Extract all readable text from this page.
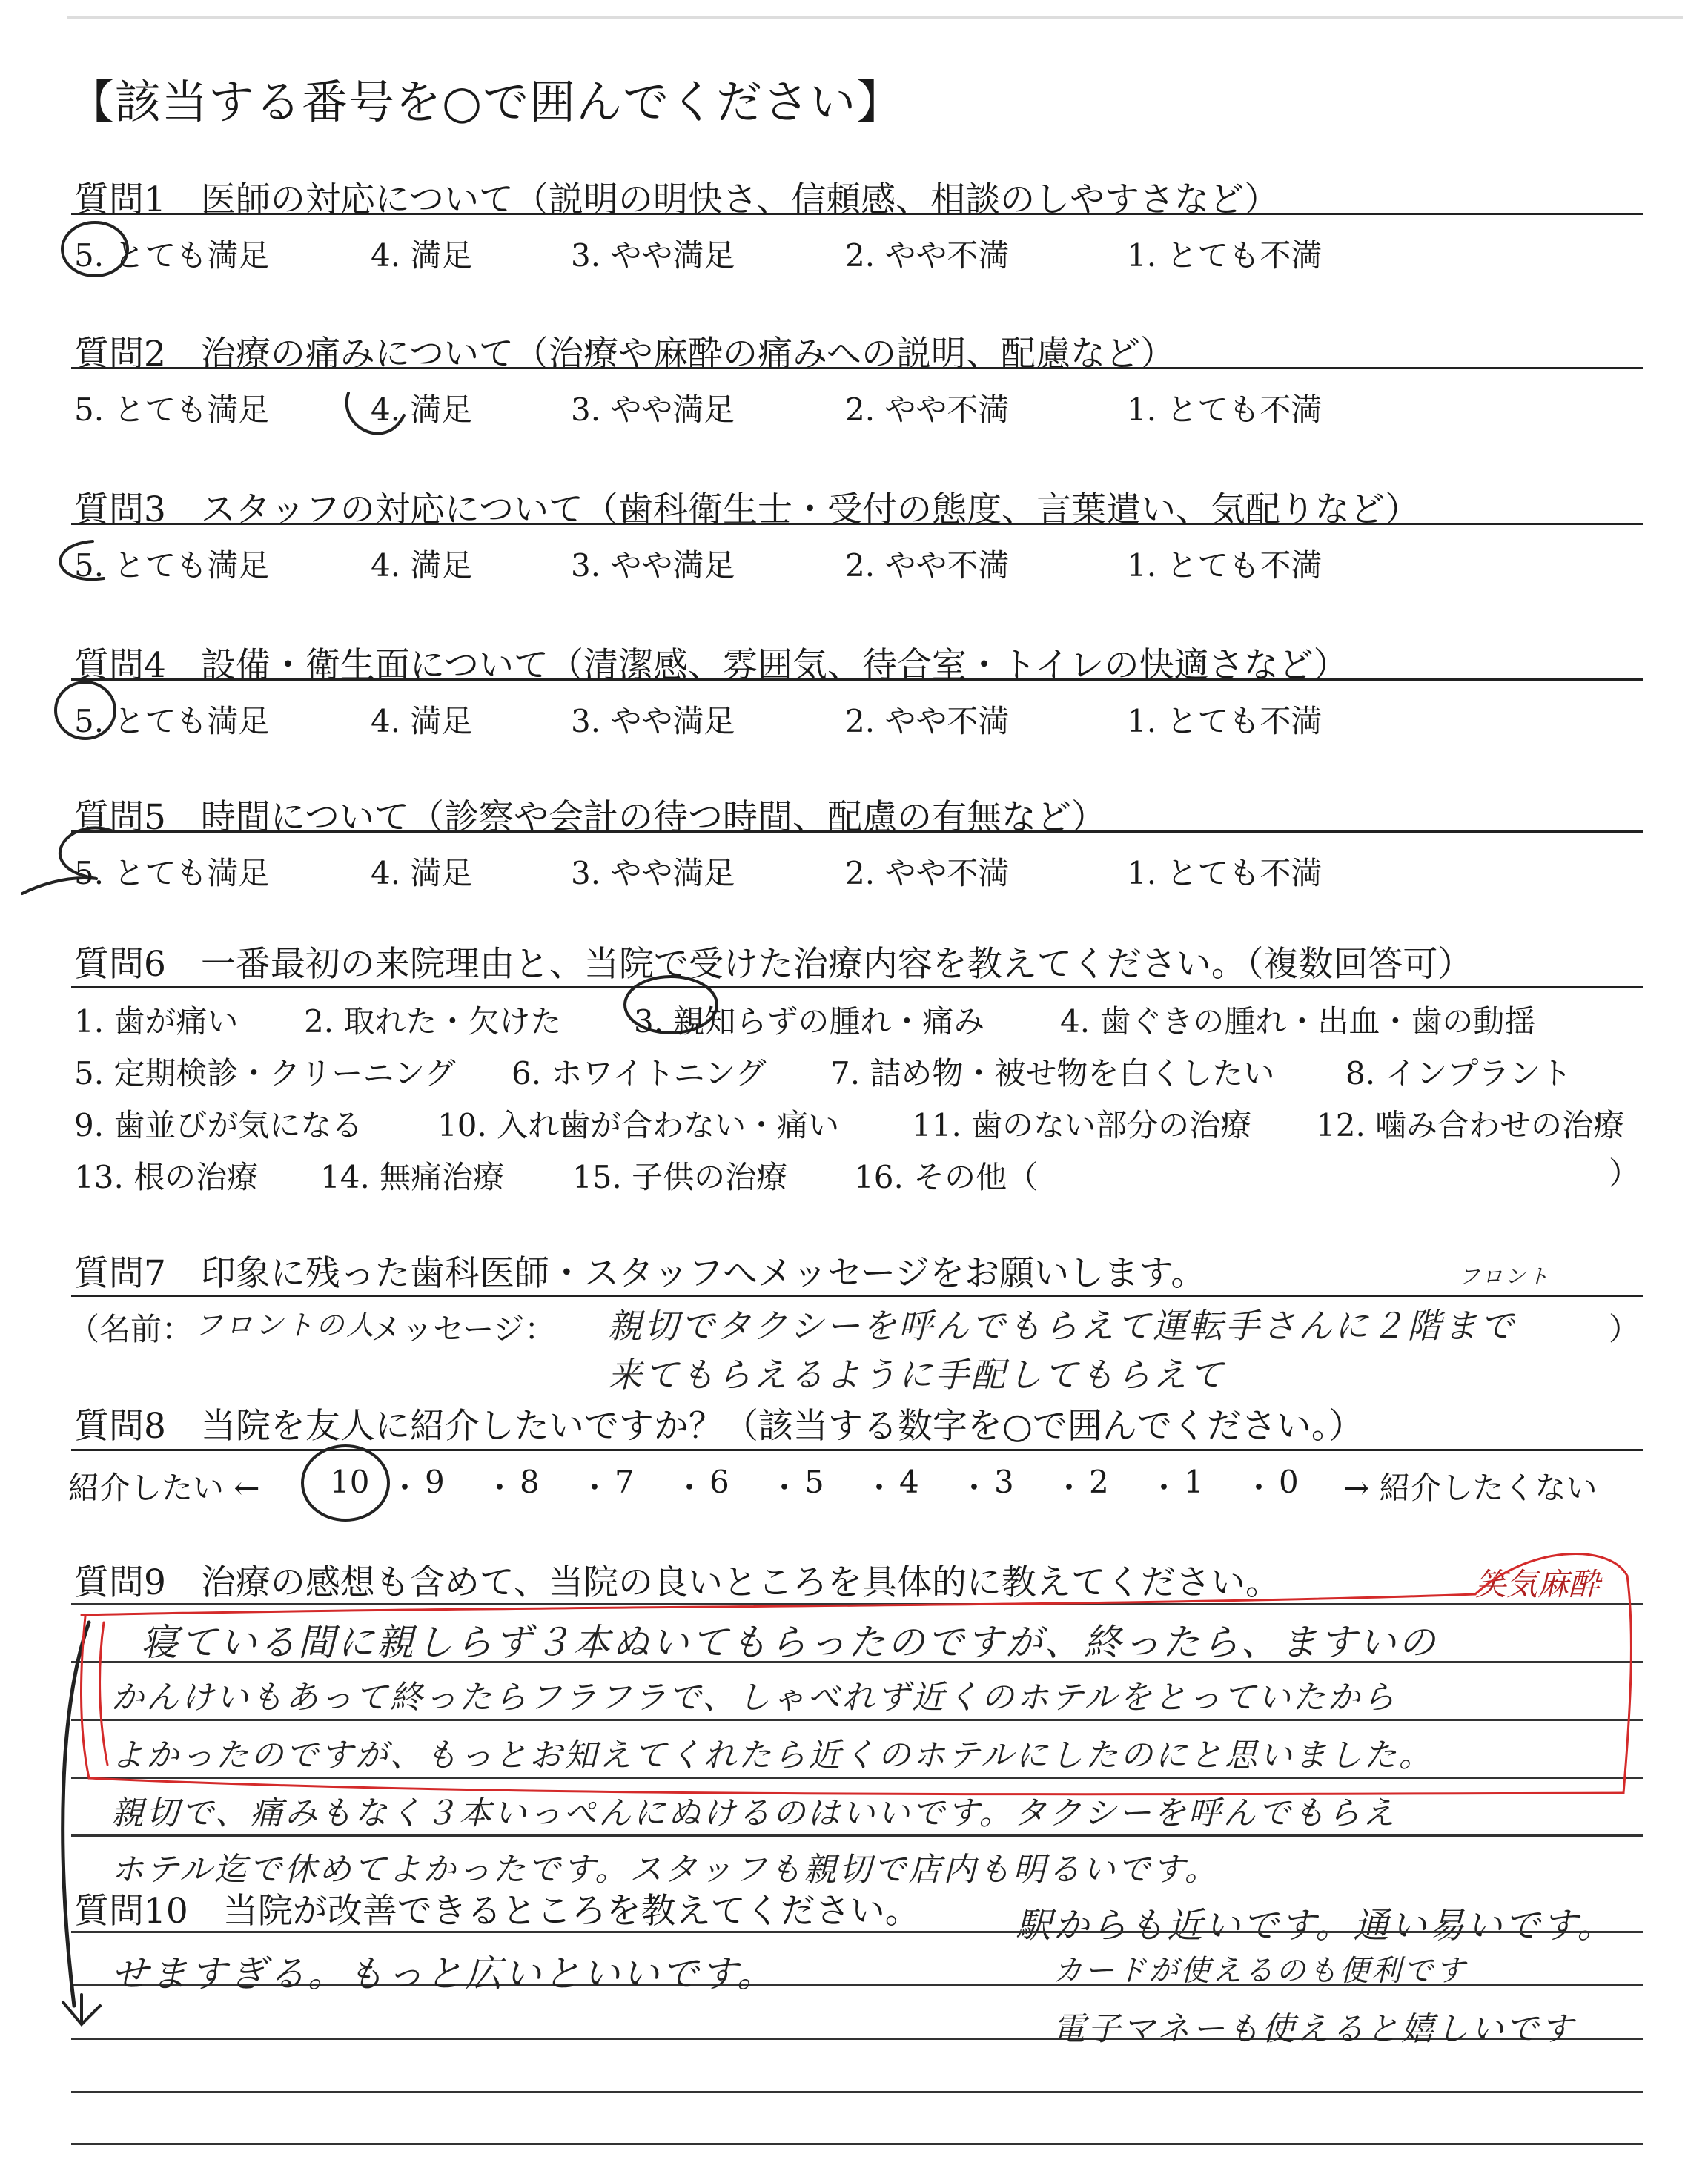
【該当する番号を○で囲んでください】
質問6　一番最初の来院理由と、当院で受けた治療内容を教えてください。（複数回答可）
）
質問7　印象に残った歯科医師・スタッフへメッセージをお願いします。
（名前： フロントの人
メッセージ：
フロント
親切でタクシーを呼んでもらえて運転手さんに２階まで	）
来てもらえるように手配してもらえて
質問8　当院を友人に紹介したいですか？（該当する数字を○で囲んでください。）
紹介したい ←	→ 紹介したくない
質問9　治療の感想も含めて、当院の良いところを具体的に教えてください。	笑気麻酔
寝ている間に親しらず３本ぬいてもらったのですが、終ったら、ますいの
かんけいもあって終ったらフラフラで、しゃべれず近くのホテルをとっていたから
よかったのですが、もっとお知えてくれたら近くのホテルにしたのにと思いました。
親切で、痛みもなく３本いっぺんにぬけるのはいいです。タクシーを呼んでもらえ
ホテル迄で休めてよかったです。スタッフも親切で店内も明るいです。
駅からも近いです。通い易いです。
質問10　当院が改善できるところを教えてください。
せますぎる。もっと広いといいです。	カードが使えるのも便利です
電子マネーも使えると嬉しいです
質問1　医師の対応について（説明の明快さ、信頼感、相談のしやすさなど）
5. とても満足	4. 満足	3. やや満足	2. やや不満	1. とても不満
質問2　治療の痛みについて（治療や麻酔の痛みへの説明、配慮など）
5. とても満足	4. 満足	3. やや満足	2. やや不満	1. とても不満
質問3　スタッフの対応について（歯科衛生士・受付の態度、言葉遣い、気配りなど）
5. とても満足	4. 満足	3. やや満足	2. やや不満	1. とても不満
質問4　設備・衛生面について（清潔感、雰囲気、待合室・トイレの快適さなど）
5. とても満足	4. 満足	3. やや満足	2. やや不満	1. とても不満
質問5　時間について（診察や会計の待つ時間、配慮の有無など）
5. とても満足	4. 満足	3. やや満足	2. やや不満	1. とても不満
1. 歯が痛い 2. 取れた・欠けた 3. 親知らずの腫れ・痛み 4. 歯ぐきの腫れ・出血・歯の動揺
5. 定期検診・クリーニング 6. ホワイトニング 7. 詰め物・被せ物を白くしたい 8. インプラント
9. 歯並びが気になる 10. 入れ歯が合わない・痛い 11. 歯のない部分の治療 12. 噛み合わせの治療
13. 根の治療 14. 無痛治療 15. 子供の治療 16. その他（
10 ・ 9 ・ 8 ・ 7 ・ 6 ・ 5 ・ 4 ・ 3 ・ 2 ・ 1 ・ 0
